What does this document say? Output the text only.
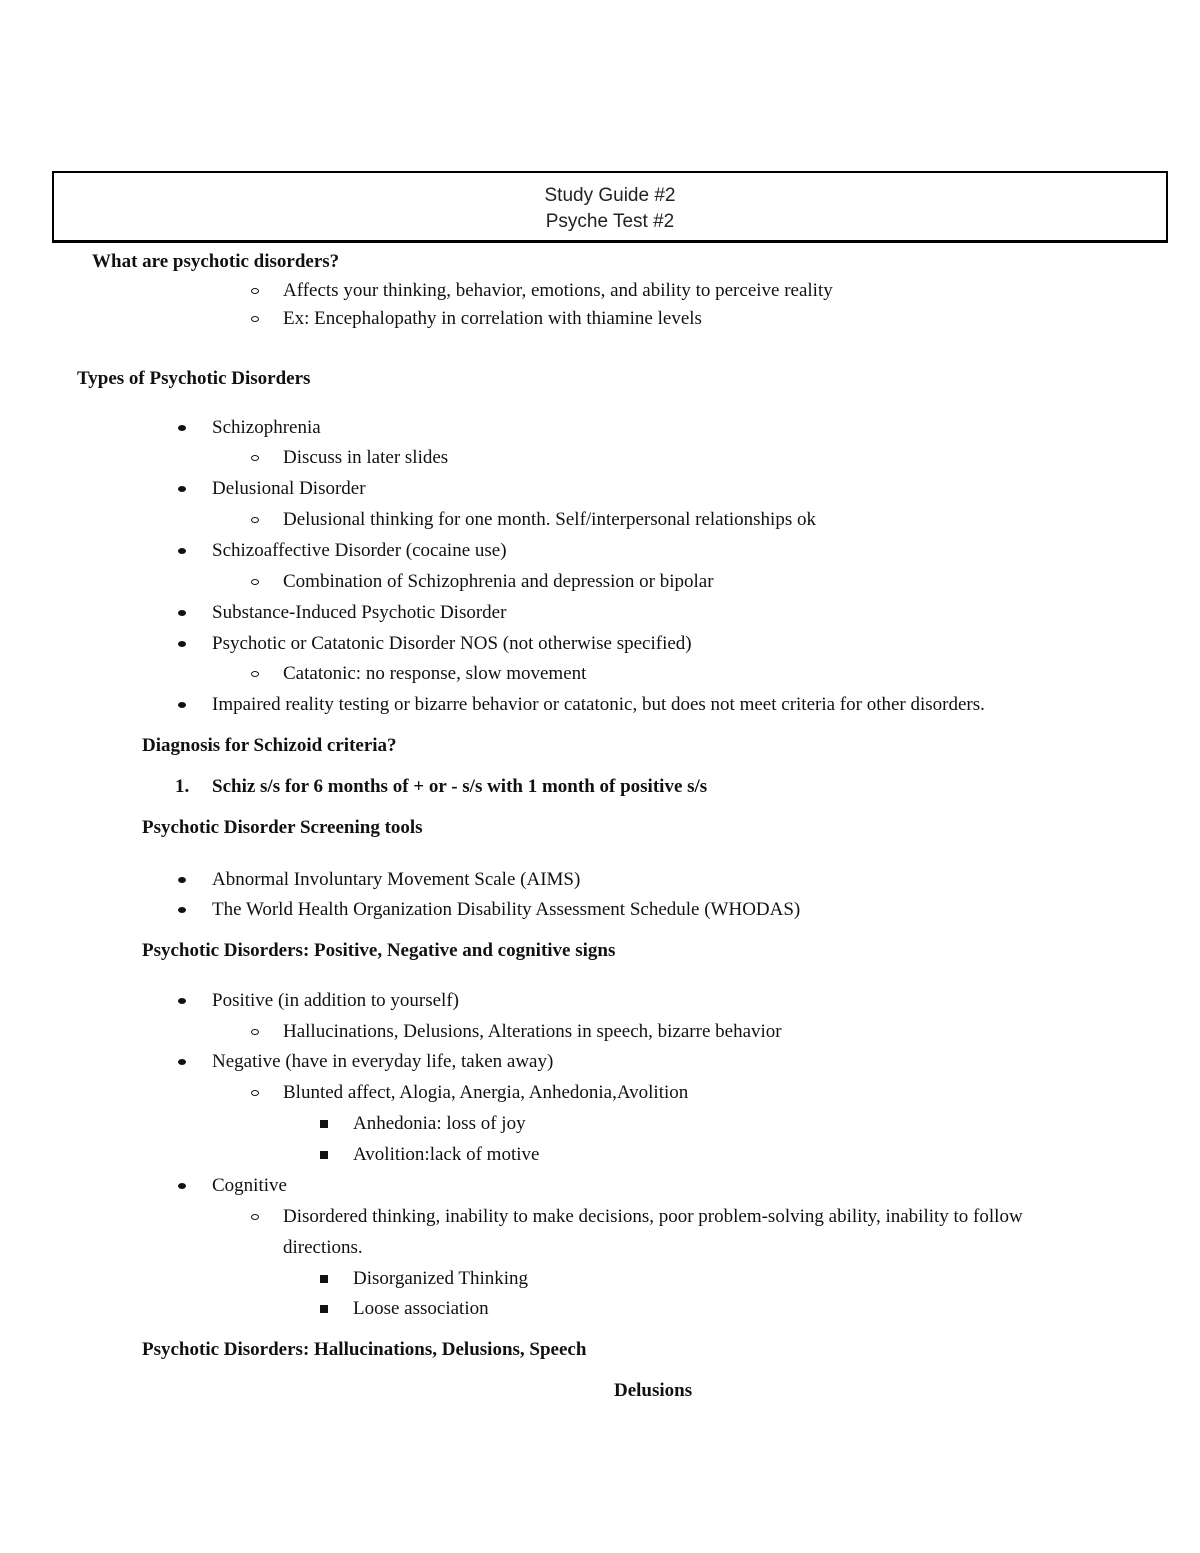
Study Guide #2
Psyche Test #2
What are psychotic disorders?
Affects your thinking, behavior, emotions, and ability to perceive reality
Ex: Encephalopathy in correlation with thiamine levels
Types of Psychotic Disorders
Schizophrenia
Discuss in later slides
Delusional Disorder
Delusional thinking for one month. Self/interpersonal relationships ok
Schizoaffective Disorder (cocaine use)
Combination of Schizophrenia and depression or bipolar
Substance-Induced Psychotic Disorder
Psychotic or Catatonic Disorder NOS (not otherwise specified)
Catatonic: no response, slow movement
Impaired reality testing or bizarre behavior or catatonic, but does not meet criteria for other disorders.
Diagnosis for Schizoid criteria?
1. Schiz s/s for 6 months of + or - s/s with 1 month of positive s/s
Psychotic Disorder Screening tools
Abnormal Involuntary Movement Scale (AIMS)
The World Health Organization Disability Assessment Schedule (WHODAS)
Psychotic Disorders: Positive, Negative and cognitive signs
Positive (in addition to yourself)
Hallucinations, Delusions, Alterations in speech, bizarre behavior
Negative (have in everyday life, taken away)
Blunted affect, Alogia, Anergia, Anhedonia,Avolition
Anhedonia: loss of joy
Avolition:lack of motive
Cognitive
Disordered thinking, inability to make decisions, poor problem-solving ability, inability to follow
directions.
Disorganized Thinking
Loose association
Psychotic Disorders: Hallucinations, Delusions, Speech
Delusions
